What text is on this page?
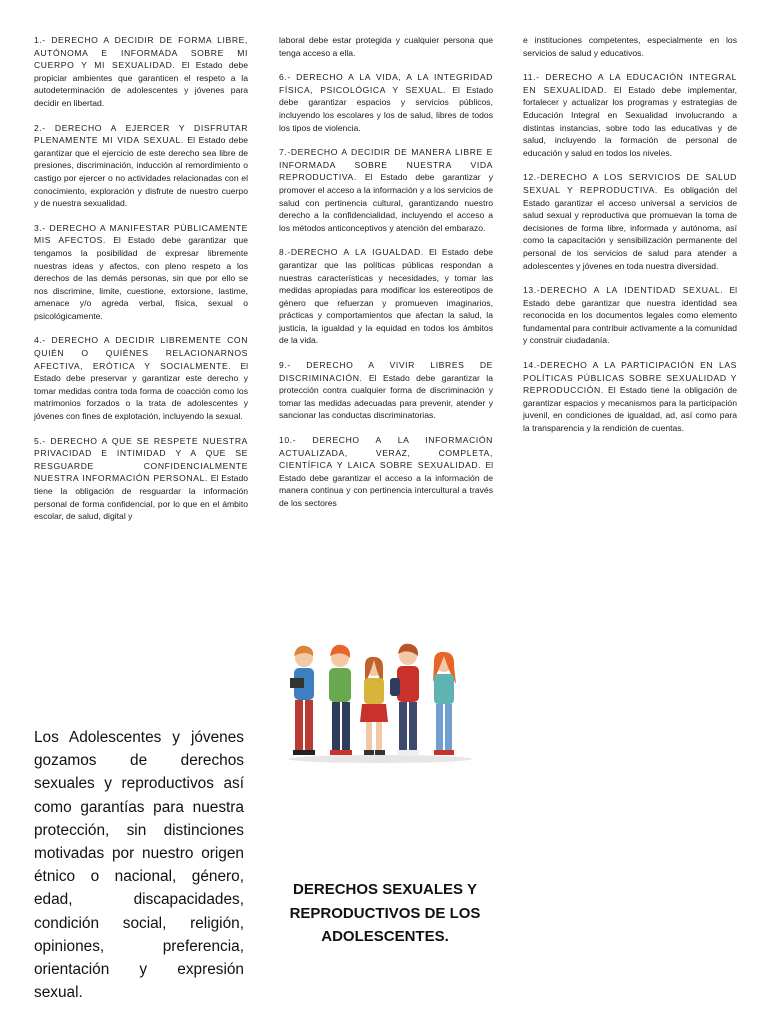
1.- DERECHO A DECIDIR DE FORMA LIBRE, AUTÓNOMA E INFORMADA SOBRE MI CUERPO Y MI SEXUALIDAD. El Estado debe propiciar ambientes que garanticen el respeto a la autodeterminación de adolescentes y jóvenes para decidir en libertad.

2.- DERECHO A EJERCER Y DISFRUTAR PLENAMENTE MI VIDA SEXUAL. El Estado debe garantizar que el ejercicio de este derecho sea libre de presiones, discriminación, inducción al remordimiento o castigo por ejercer o no actividades relacionadas con el conocimiento, exploración y disfrute de nuestro cuerpo y de nuestra sexualidad.

3.- DERECHO A MANIFESTAR PÚBLICAMENTE MIS AFECTOS. El Estado debe garantizar que tengamos la posibilidad de expresar libremente nuestras ideas y afectos, con pleno respeto a los derechos de las demás personas, sin que por ello se nos discrimine, limite, cuestione, extorsione, lastime, amenace y/o agreda verbal, física, sexual o psicológicamente.

4.- DERECHO A DECIDIR LIBREMENTE CON QUIÉN O QUIÉNES RELACIONARNOS AFECTIVA, ERÓTICA Y SOCIALMENTE. El Estado debe preservar y garantizar este derecho y tomar medidas contra toda forma de coacción como los matrimonios forzados o la trata de adolescentes y jóvenes con fines de explotación, incluyendo la sexual.

5.- DERECHO A QUE SE RESPETE NUESTRA PRIVACIDAD E INTIMIDAD Y A QUE SE RESGUARDE CONFIDENCIALMENTE NUESTRA INFORMACIÓN PERSONAL. El Estado tiene la obligación de resguardar la información personal de forma confidencial, por lo que en el ámbito escolar, de salud, digital y

laboral debe estar protegida y cualquier persona que tenga acceso a ella.

6.- DERECHO A LA VIDA, A LA INTEGRIDAD FÍSICA, PSICOLÓGICA Y SEXUAL. El Estado debe garantizar espacios y servicios públicos, incluyendo los escolares y los de salud, libres de todos los tipos de violencia.

7.-DERECHO A DECIDIR DE MANERA LIBRE E INFORMADA SOBRE NUESTRA VIDA REPRODUCTIVA. El Estado debe garantizar y promover el acceso a la información y a los servicios de salud con pertinencia cultural, garantizando nuestro derecho a la confidencialidad, incluyendo el acceso a los métodos anticonceptivos y atención del embarazo.

8.-DERECHO A LA IGUALDAD. El Estado debe garantizar que las políticas públicas respondan a nuestras características y necesidades, y tomar las medidas apropiadas para modificar los estereotipos de género que refuerzan y promueven imaginarios, prácticas y comportamientos que afectan la salud, la justicia, la igualdad y la equidad en todos los ámbitos de la vida.

9.- DERECHO A VIVIR LIBRES DE DISCRIMINACIÓN. El Estado debe garantizar la protección contra cualquier forma de discriminación y tomar las medidas adecuadas para prevenir, atender y sancionar las conductas discriminatorias.

10.- DERECHO A LA INFORMACIÓN ACTUALIZADA, VERAZ, COMPLETA, CIENTÍFICA Y LAICA SOBRE SEXUALIDAD. El Estado debe garantizar el acceso a la información de manera continua y con pertinencia intercultural a través de los sectores

e instituciones competentes, especialmente en los servicios de salud y educativos.

11.- DERECHO A LA EDUCACIÓN INTEGRAL EN SEXUALIDAD. El Estado debe implementar, fortalecer y actualizar los programas y estrategias de Educación Integral en Sexualidad involucrando a distintas instancias, sobre todo las educativas y de salud, incluyendo la formación de personal de educación y salud en todos los niveles.

12.-DERECHO A LOS SERVICIOS DE SALUD SEXUAL Y REPRODUCTIVA. Es obligación del Estado garantizar el acceso universal a servicios de salud sexual y reproductiva que promuevan la toma de decisiones de forma libre, informada y autónoma, así como la capacitación y sensibilización permanente del personal de los servicios de salud para atender a adolescentes y jóvenes en toda nuestra diversidad.

13.-DERECHO A LA IDENTIDAD SEXUAL. El Estado debe garantizar que nuestra identidad sea reconocida en los documentos legales como elemento fundamental para contribuir activamente a la comunidad y construir ciudadanía.

14.-DERECHO A LA PARTICIPACIÓN EN LAS POLÍTICAS PÚBLICAS SOBRE SEXUALIDAD Y REPRODUCCIÓN. El Estado tiene la obligación de garantizar espacios y mecanismos para la participación juvenil, en condiciones de igualdad, ad, así como para la transparencia y la rendición de cuentas.

Los Adolescentes y jóvenes gozamos de derechos sexuales y reproductivos así como garantías para nuestra protección, sin distinciones motivadas por nuestro origen étnico o nacional, género, edad, discapacidades, condición social, religión, opiniones, preferencia, orientación y expresión sexual.
DERECHOS SEXUALES Y REPRODUCTIVOS DE LOS ADOLESCENTES.
